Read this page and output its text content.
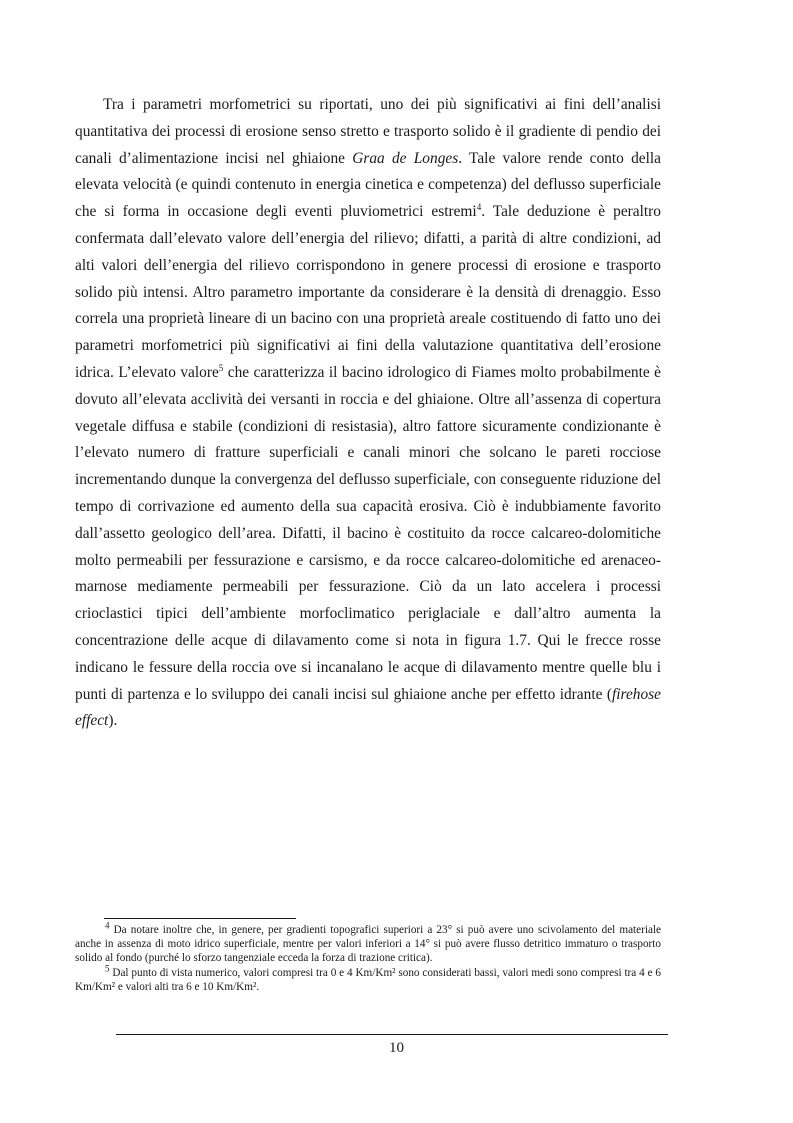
Tra i parametri morfometrici su riportati, uno dei più significativi ai fini dell’analisi quantitativa dei processi di erosione senso stretto e trasporto solido è il gradiente di pendio dei canali d’alimentazione incisi nel ghiaione Graa de Longes. Tale valore rende conto della elevata velocità (e quindi contenuto in energia cinetica e competenza) del deflusso superficiale che si forma in occasione degli eventi pluviometrici estremi$^4$. Tale deduzione è peraltro confermata dall’elevato valore dell’energia del rilievo; difatti, a parità di altre condizioni, ad alti valori dell’energia del rilievo corrispondono in genere processi di erosione e trasporto solido più intensi. Altro parametro importante da considerare è la densità di drenaggio. Esso correla una proprietà lineare di un bacino con una proprietà areale costituendo di fatto uno dei parametri morfometrici più significativi ai fini della valutazione quantitativa dell’erosione idrica. L’elevato valore$^5$ che caratterizza il bacino idrologico di Fiames molto probabilmente è dovuto all’elevata acclività dei versanti in roccia e del ghiaione. Oltre all’assenza di copertura vegetale diffusa e stabile (condizioni di resistasia), altro fattore sicuramente condizionante è l’elevato numero di fratture superficiali e canali minori che solcano le pareti rocciose incrementando dunque la convergenza del deflusso superficiale, con conseguente riduzione del tempo di corrivazione ed aumento della sua capacità erosiva. Ciò è indubbiamente favorito dall’assetto geologico dell’area. Difatti, il bacino è costituito da rocce calcareo-dolomitiche molto permeabili per fessurazione e carsismo, e da rocce calcareo-dolomitiche ed arenaceo-marnose mediamente permeabili per fessurazione. Ciò da un lato accelera i processi crioclastici tipici dell’ambiente morfoclimatico periglaciale e dall’altro aumenta la concentrazione delle acque di dilavamento come si nota in figura 1.7. Qui le frecce rosse indicano le fessure della roccia ove si incanalano le acque di dilavamento mentre quelle blu i punti di partenza e lo sviluppo dei canali incisi sul ghiaione anche per effetto idrante (firehose effect).

$^4$ Da notare inoltre che, in genere, per gradienti topografici superiori a 23° si può avere uno scivolamento del materiale anche in assenza di moto idrico superficiale, mentre per valori inferiori a 14° si può avere flusso detritico immaturo o trasporto solido al fondo (purché lo sforzo tangenziale ecceda la forza di trazione critica).

$^5$ Dal punto di vista numerico, valori compresi tra 0 e 4 Km/Km² sono considerati bassi, valori medi sono compresi tra 4 e 6 Km/Km² e valori alti tra 6 e 10 Km/Km².

10
